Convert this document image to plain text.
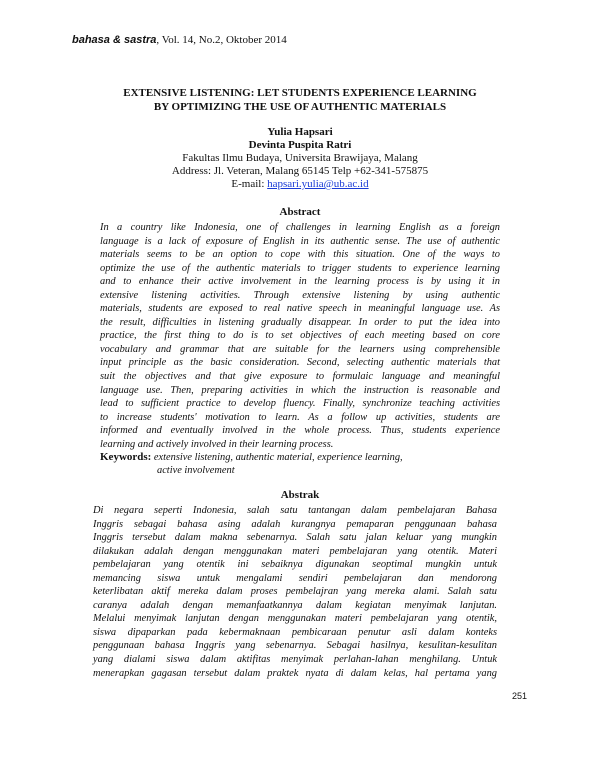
bahasa & sastra, Vol. 14, No.2, Oktober 2014
EXTENSIVE LISTENING: LET STUDENTS EXPERIENCE LEARNING
BY OPTIMIZING THE USE OF AUTHENTIC MATERIALS
Yulia Hapsari
Devinta Puspita Ratri
Fakultas Ilmu Budaya, Universita Brawijaya, Malang
Address: Jl. Veteran, Malang 65145 Telp +62-341-575875
E-mail: hapsari.yulia@ub.ac.id
Abstract
In a country like Indonesia, one of challenges in learning English as a foreign
language is a lack of exposure of English in its authentic sense. The use of authentic
materials seems to be an option to cope with this situation. One of the ways to
optimize the use of the authentic materials to trigger students to experience learning
and to enhance their active involvement in the learning process is by using it in
extensive listening activities. Through extensive listening by using authentic
materials, students are exposed to real native speech in meaningful language use. As
the result, difficulties in listening gradually disappear. In order to put the idea into
practice, the first thing to do is to set objectives of each meeting based on core
vocabulary and grammar that are suitable for the learners using comprehensible
input principle as the basic consideration. Second, selecting authentic materials that
suit the objectives and that give exposure to formulaic language and meaningful
language use. Then, preparing activities in which the instruction is reasonable and
lead to sufficient practice to develop fluency. Finally, synchronize teaching activities
to increase students' motivation to learn. As a follow up activities, students are
informed and eventually involved in the whole process. Thus, students experience
learning and actively involved in their learning process.
Keywords: extensive listening, authentic material, experience learning,
active involvement
Abstrak
Di negara seperti Indonesia, salah satu tantangan dalam pembelajaran Bahasa
Inggris sebagai bahasa asing adalah kurangnya pemaparan penggunaan bahasa
Inggris tersebut dalam makna sebenarnya. Salah satu jalan keluar yang mungkin
dilakukan adalah dengan menggunakan materi pembelajaran yang otentik. Materi
pembelajaran yang otentik ini sebaiknya digunakan seoptimal mungkin untuk
memancing siswa untuk mengalami sendiri pembelajaran dan mendorong
keterlibatan aktif mereka dalam proses pembelajran yang mereka alami. Salah satu
caranya adalah dengan memanfaatkannya dalam kegiatan menyimak lanjutan.
Melalui menyimak lanjutan dengan menggunakan materi pembelajaran yang otentik,
siswa dipaparkan pada kebermaknaan pembicaraan penutur asli dalam konteks
penggunaan bahasa Inggris yang sebenarnya. Sebagai hasilnya, kesulitan-kesulitan
yang dialami siswa dalam aktifitas menyimak perlahan-lahan menghilang. Untuk
menerapkan gagasan tersebut dalam praktek nyata di dalam kelas, hal pertama yang
251
